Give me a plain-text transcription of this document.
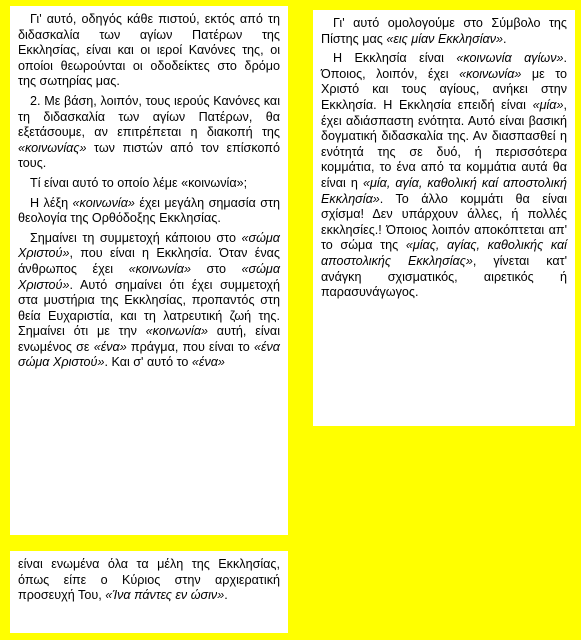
Γι' αυτό, οδηγός κάθε πιστού, εκτός από τη διδασκαλία των αγίων Πατέρων της Εκκλησίας, είναι και οι ιεροί Κανόνες της, οι οποίοι θεωρούνται οι οδοδείκτες στο δρόμο της σωτηρίας μας.

2. Με βάση, λοιπόν, τους ιερούς Κανόνες και τη διδασκαλία των αγίων Πατέρων, θα εξετάσουμε, αν επιτρέπεται η διακοπή της «κοινωνίας» των πιστών από τον επίσκοπό τους.

Τί είναι αυτό το οποίο λέμε «κοινωνία»;

Η λέξη «κοινωνία» έχει μεγάλη σημασία στη θεολογία της Ορθόδοξης Εκκλησίας.

Σημαίνει τη συμμετοχή κάποιου στο «σώμα Χριστού», που είναι η Εκκλησία. Όταν ένας άνθρωπος έχει «κοινωνία» στο «σώμα Χριστού». Αυτό σημαίνει ότι έχει συμμετοχή στα μυστήρια της Εκκλησίας, προπαντός στη θεία Ευχαριστία, και τη λατρευτική ζωή της. Σημαίνει ότι με την «κοινωνία» αυτή, είναι ενωμένος σε «ένα» πράγμα, που είναι το «ένα σώμα Χριστού». Και σ' αυτό το «ένα»

Γι' αυτό ομολογούμε στο Σύμβολο της Πίστης μας «εις μίαν Εκκλησίαν».

Η Εκκλησία είναι «κοινωνία αγίων». Όποιος, λοιπόν, έχει «κοινωνία» με το Χριστό και τους αγίους, ανήκει στην Εκκλησία. Η Εκκλησία επειδή είναι «μία», έχει αδιάσπαστη ενότητα. Αυτό είναι βασική δογματική διδασκαλία της. Αν διασπασθεί η ενότητά της σε δυό, ή περισσότερα κομμάτια, το ένα από τα κομμάτια αυτά θα είναι η «μία, αγία, καθολική καί αποστολική Εκκλησία». Το άλλο κομμάτι θα είναι σχίσμα! Δεν υπάρχουν άλλες, ή πολλές εκκλησίες.! Όποιος λοιπόν αποκόπτεται απ' το σώμα της «μίας, αγίας, καθολικής καί αποστολικής Εκκλησίας», γίνεται κατ' ανάγκη σχισματικός, αιρετικός ή παρασυνάγωγος.

είναι ενωμένα όλα τα μέλη της Εκκλησίας, όπως είπε ο Κύριος στην αρχιερατική προσευχή Του, «Ίνα πάντες εν ώσιν».
